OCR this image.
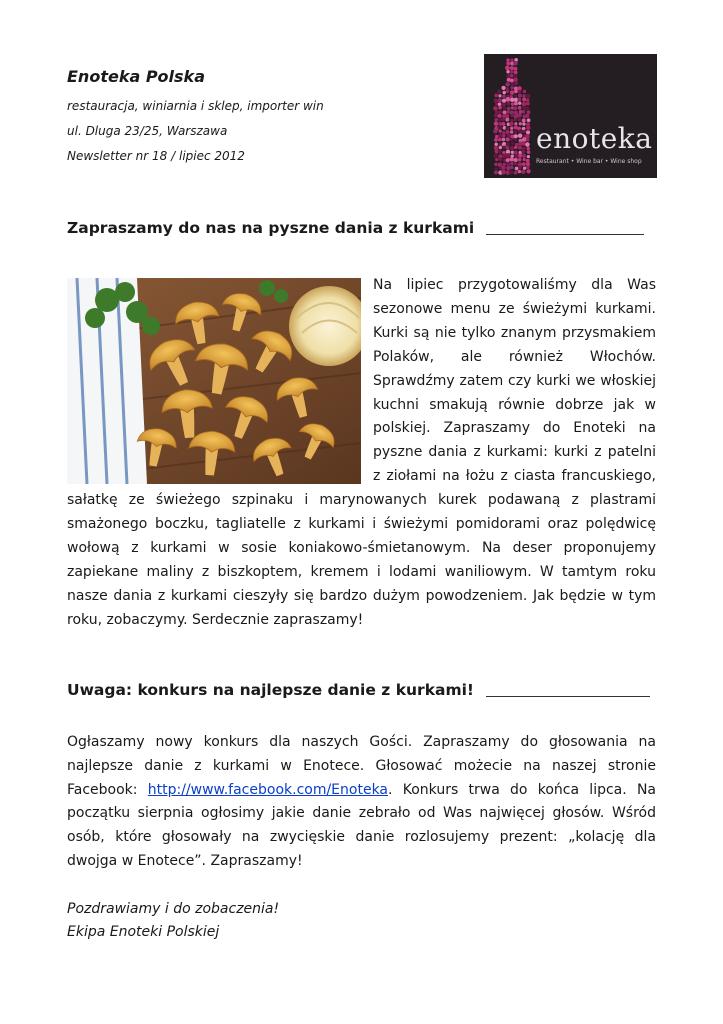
Enoteka Polska
restauracja, winiarnia i sklep, importer win
ul. Dluga 23/25, Warszawa
Newsletter nr 18 / lipiec 2012
enoteka
Restaurant • Wine bar • Wine shop
Zapraszamy do nas na pyszne dania z kurkami

Na lipiec przygotowaliśmy dla Was sezonowe menu ze świeżymi kurkami. Kurki są nie tylko znanym przysmakiem Polaków, ale również Włochów. Sprawdźmy zatem czy kurki we włoskiej kuchni smakują równie dobrze jak w polskiej. Zapraszamy do Enoteki na pyszne dania z kurkami: kurki z patelni z ziołami na łożu z ciasta francuskiego, sałatkę ze świeżego szpinaku i marynowanych kurek podawaną z plastrami smażonego boczku, tagliatelle z kurkami i świeżymi pomidorami oraz polędwicę wołową z kurkami w sosie koniakowo-śmietanowym. Na deser proponujemy zapiekane maliny z biszkoptem, kremem i lodami waniliowym. W tamtym roku nasze dania z kurkami cieszyły się bardzo dużym powodzeniem. Jak będzie w tym roku, zobaczymy. Serdecznie zapraszamy!

Uwaga: konkurs na najlepsze danie z kurkami!

Ogłaszamy nowy konkurs dla naszych Gości. Zapraszamy do głosowania na najlepsze danie z kurkami w Enotece. Głosować możecie na naszej stronie Facebook: http://www.facebook.com/Enoteka. Konkurs trwa do końca lipca. Na początku sierpnia ogłosimy jakie danie zebrało od Was najwięcej głosów. Wśród osób, które głosowały na zwycięskie danie rozlosujemy prezent: „kolację dla dwojga w Enotece”. Zapraszamy!

Pozdrawiamy i do zobaczenia!
Ekipa Enoteki Polskiej
